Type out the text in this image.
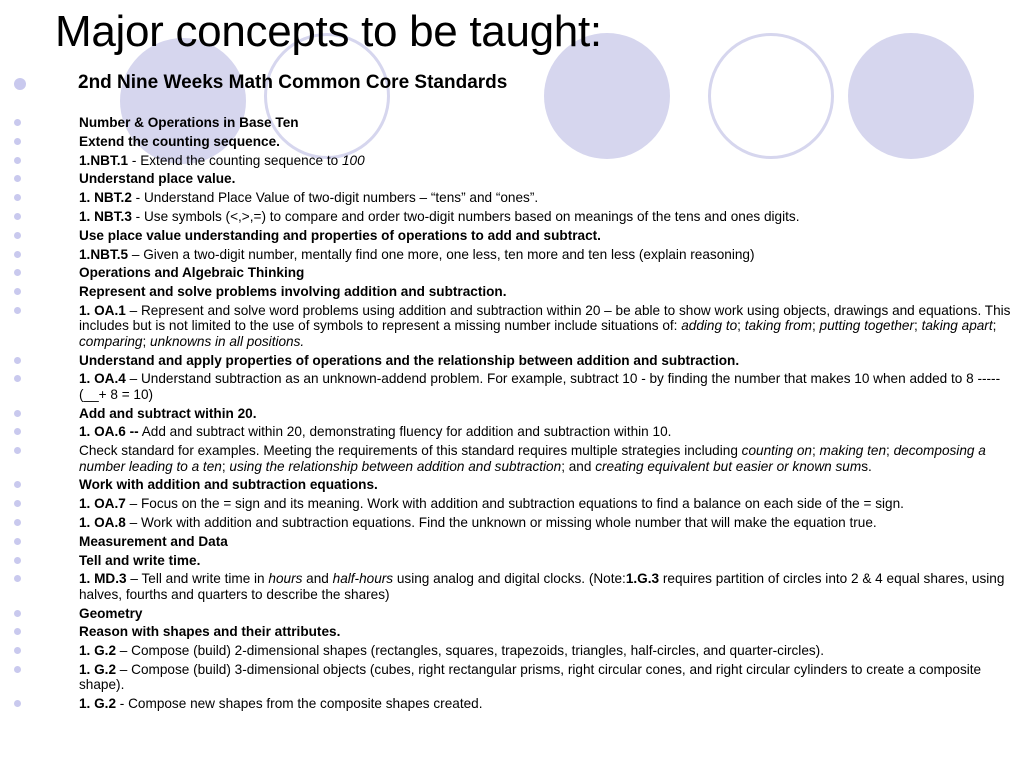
Major concepts to be taught:
2nd Nine Weeks Math Common Core Standards
Number & Operations in Base Ten
Extend the counting sequence.
1.NBT.1 - Extend the counting sequence to 100
Understand place value.
1. NBT.2 - Understand Place Value of two-digit numbers – “tens” and “ones”.
1. NBT.3 - Use symbols (<,>,=) to compare and order two-digit numbers based on meanings of the tens and ones digits.
Use place value understanding and properties of operations to add and subtract.
1.NBT.5 – Given a two-digit number, mentally find one more, one less, ten more and ten less (explain reasoning)
Operations and Algebraic Thinking
Represent and solve problems involving addition and subtraction.
1. OA.1 – Represent and solve word problems using addition and subtraction within 20 – be able to show work using objects, drawings and equations. This includes but is not limited to the use of symbols to represent a missing number include situations of: adding to; taking from; putting together; taking apart; comparing; unknowns in all positions.
Understand and apply properties of operations and the relationship between addition and subtraction.
1. OA.4 – Understand subtraction as an unknown-addend problem. For example, subtract 10 - by finding the number that makes 10 when added to 8 ----- (__+ 8 = 10)
Add and subtract within 20.
1. OA.6 -- Add and subtract within 20, demonstrating fluency for addition and subtraction within 10.
Check standard for examples. Meeting the requirements of this standard requires multiple strategies including counting on; making ten; decomposing a number leading to a ten; using the relationship between addition and subtraction; and creating equivalent but easier or known sums.
Work with addition and subtraction equations.
1. OA.7 – Focus on the = sign and its meaning. Work with addition and subtraction equations to find a balance on each side of the = sign.
1. OA.8 – Work with addition and subtraction equations. Find the unknown or missing whole number that will make the equation true.
Measurement and Data
Tell and write time.
1. MD.3 – Tell and write time in hours and half-hours using analog and digital clocks. (Note:1.G.3 requires partition of circles into 2 & 4 equal shares, using halves, fourths and quarters to describe the shares)
Geometry
Reason with shapes and their attributes.
1. G.2 – Compose (build) 2-dimensional shapes (rectangles, squares, trapezoids, triangles, half-circles, and quarter-circles).
1. G.2 – Compose (build) 3-dimensional objects (cubes, right rectangular prisms, right circular cones, and right circular cylinders to create a composite shape).
1. G.2 - Compose new shapes from the composite shapes created.
